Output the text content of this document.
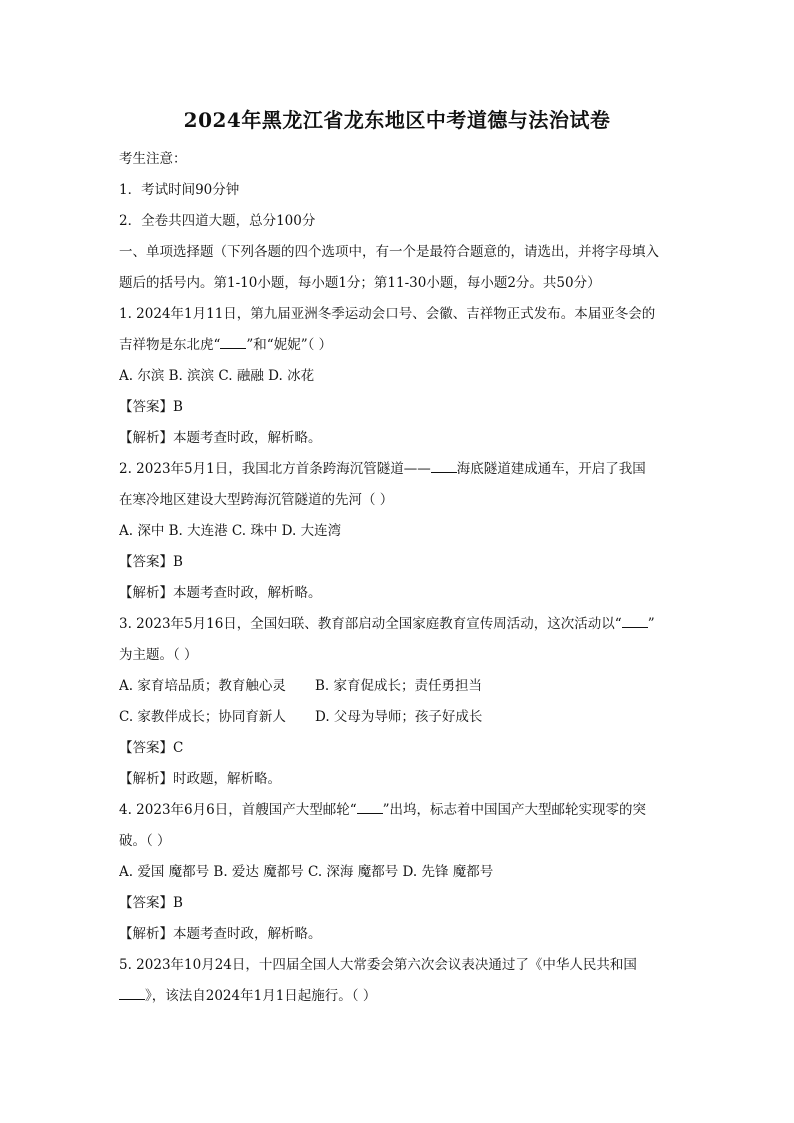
2024年黑龙江省龙东地区中考道德与法治试卷
考生注意：
1．考试时间90分钟
2．全卷共四道大题，总分100分
一、单项选择题（下列各题的四个选项中，有一个是最符合题意的，请选出，并将字母填入
题后的括号内。第1-10小题，每小题1分；第11-30小题，每小题2分。共50分）
1. 2024年1月11日，第九届亚洲冬季运动会口号、会徽、吉祥物正式发布。本届亚冬会的
吉祥物是东北虎“ ”和“妮妮”（ ）
A. 尔滨 B. 滨滨 C. 融融 D. 冰花
【答案】B
【解析】本题考查时政，解析略。
2. 2023年5月1日，我国北方首条跨海沉管隧道—— 海底隧道建成通车，开启了我国
在寒冷地区建设大型跨海沉管隧道的先河（ ）
A. 深中 B. 大连港 C. 珠中 D. 大连湾
【答案】B
【解析】本题考查时政，解析略。
3. 2023年5月16日，全国妇联、教育部启动全国家庭教育宣传周活动，这次活动以“ ”
为主题。（ ）
A. 家育培品质；教育触心灵 B. 家育促成长；责任勇担当
C. 家教伴成长；协同育新人 D. 父母为导师；孩子好成长
【答案】C
【解析】时政题，解析略。
4. 2023年6月6日，首艘国产大型邮轮“ ”出坞，标志着中国国产大型邮轮实现零的突
破。（ ）
A. 爱国 魔都号 B. 爱达 魔都号 C. 深海 魔都号 D. 先锋 魔都号
【答案】B
【解析】本题考查时政，解析略。
5. 2023年10月24日，十四届全国人大常委会第六次会议表决通过了《中华人民共和国
》，该法自2024年1月1日起施行。（ ）
